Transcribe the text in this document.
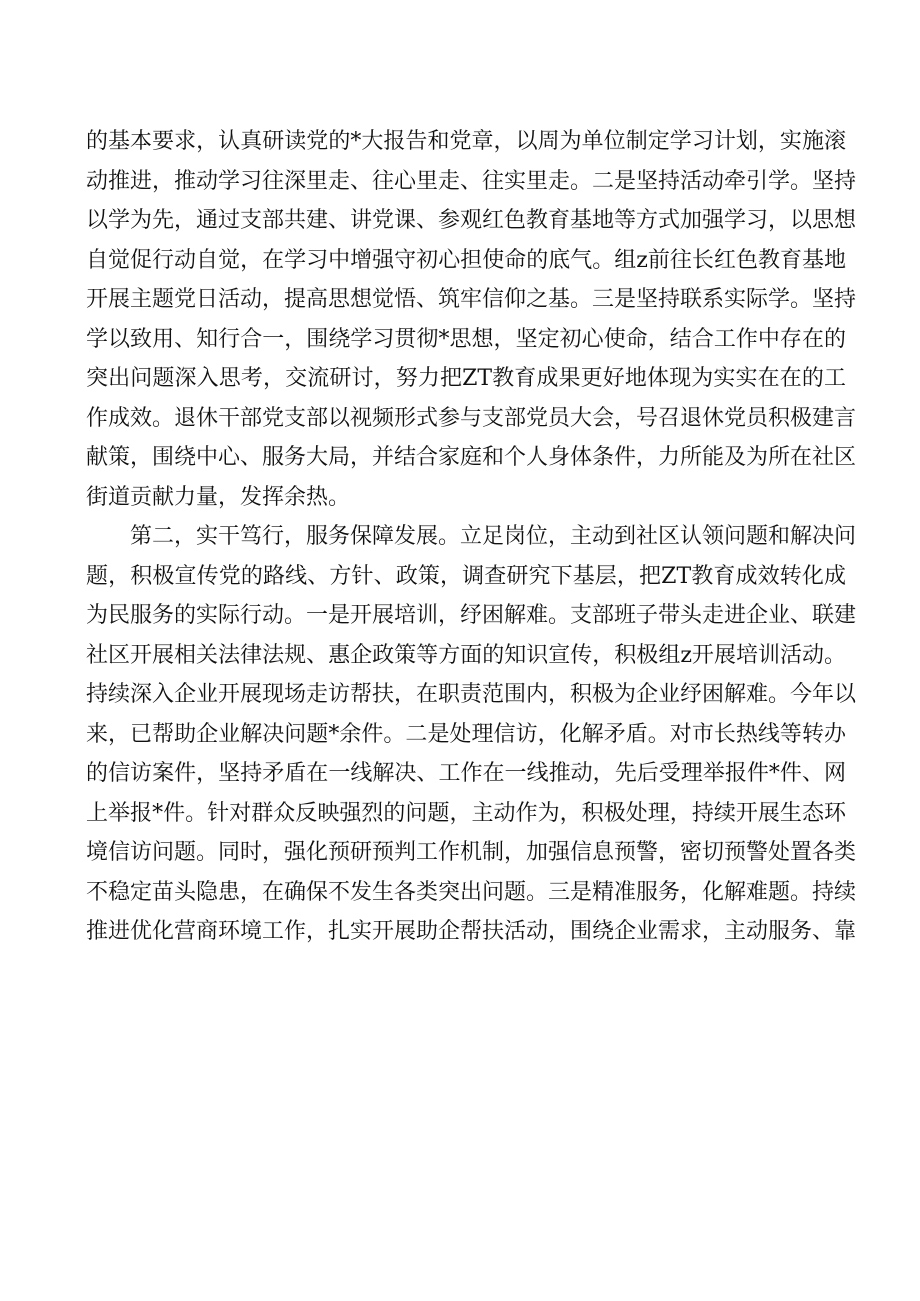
的基本要求，认真研读党的*大报告和党章，以周为单位制定学习计划，实施滚
动推进，推动学习往深里走、往心里走、往实里走。二是坚持活动牵引学。坚持
以学为先，通过支部共建、讲党课、参观红色教育基地等方式加强学习，以思想
自觉促行动自觉，在学习中增强守初心担使命的底气。组z前往长红色教育基地
开展主题党日活动，提高思想觉悟、筑牢信仰之基。三是坚持联系实际学。坚持
学以致用、知行合一，围绕学习贯彻*思想，坚定初心使命，结合工作中存在的
突出问题深入思考，交流研讨，努力把ZT教育成果更好地体现为实实在在的工
作成效。退休干部党支部以视频形式参与支部党员大会，号召退休党员积极建言
献策，围绕中心、服务大局，并结合家庭和个人身体条件，力所能及为所在社区
街道贡献力量，发挥余热。
第二，实干笃行，服务保障发展。立足岗位，主动到社区认领问题和解决问
题，积极宣传党的路线、方针、政策，调查研究下基层，把ZT教育成效转化成
为民服务的实际行动。一是开展培训，纾困解难。支部班子带头走进企业、联建
社区开展相关法律法规、惠企政策等方面的知识宣传，积极组z开展培训活动。
持续深入企业开展现场走访帮扶，在职责范围内，积极为企业纾困解难。今年以
来，已帮助企业解决问题*余件。二是处理信访，化解矛盾。对市长热线等转办
的信访案件，坚持矛盾在一线解决、工作在一线推动，先后受理举报件*件、网
上举报*件。针对群众反映强烈的问题，主动作为，积极处理，持续开展生态环
境信访问题。同时，强化预研预判工作机制，加强信息预警，密切预警处置各类
不稳定苗头隐患，在确保不发生各类突出问题。三是精准服务，化解难题。持续
推进优化营商环境工作，扎实开展助企帮扶活动，围绕企业需求，主动服务、靠
